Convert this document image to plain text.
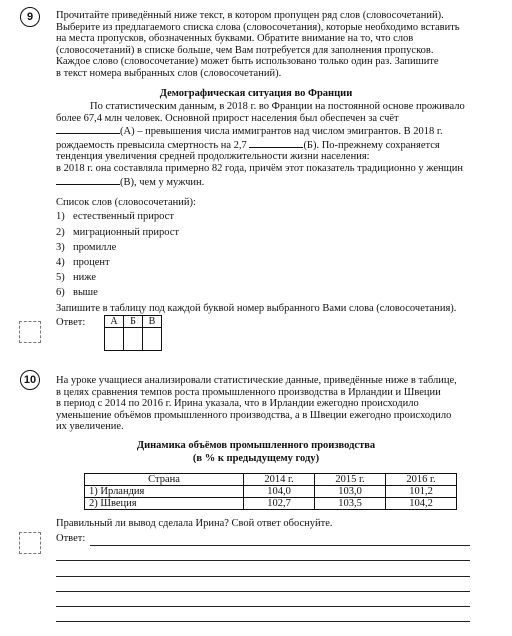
9	Прочитайте приведённый ниже текст, в котором пропущен ряд слов (словосочетаний).
Выберите из предлагаемого списка слова (словосочетания), которые необходимо вставить
на места пропусков, обозначенных буквами. Обратите внимание на то, что слов
(словосочетаний) в списке больше, чем Вам потребуется для заполнения пропусков.
Каждое слово (словосочетание) может быть использовано только один раз. Запишите
в текст номера выбранных слов (словосочетаний).
Демографическая ситуация во Франции
По статистическим данным, в 2018 г. во Франции на постоянной основе проживало
более 67,4 млн человек. Основной прирост населения был обеспечен за счёт
(А) – превышения числа иммигрантов над числом эмигрантов. В 2018 г.
рождаемость превысила смертность на 2,7	(Б). По-прежнему сохраняется
тенденция увеличения средней продолжительности жизни населения:
в 2018 г. она составляла примерно 82 года, причём этот показатель традиционно у женщин
(В), чем у мужчин.
Список слов (словосочетаний):
1) естественный прирост
2) миграционный прирост
3) промилле
4) процент
5) ниже
6) выше
Запишите в таблицу под каждой буквой номер выбранного Вами слова (словосочетания).
Ответ:	А	Б	В

10	На уроке учащиеся анализировали статистические данные, приведённые ниже в таблице,
в целях сравнения темпов роста промышленного производства в Ирландии и Швеции
в период с 2014 по 2016 г. Ирина указала, что в Ирландии ежегодно происходило
уменьшение объёмов промышленного производства, а в Швеции ежегодно происходило
их увеличение.
Динамика объёмов промышленного производства
(в % к предыдущему году)
Страна	2014 г.	2015 г.	2016 г.
1) Ирландия	104,0	103,0	101,2
2) Швеция	102,7	103,5	104,2
Правильный ли вывод сделала Ирина? Свой ответ обоснуйте.
Ответ:
